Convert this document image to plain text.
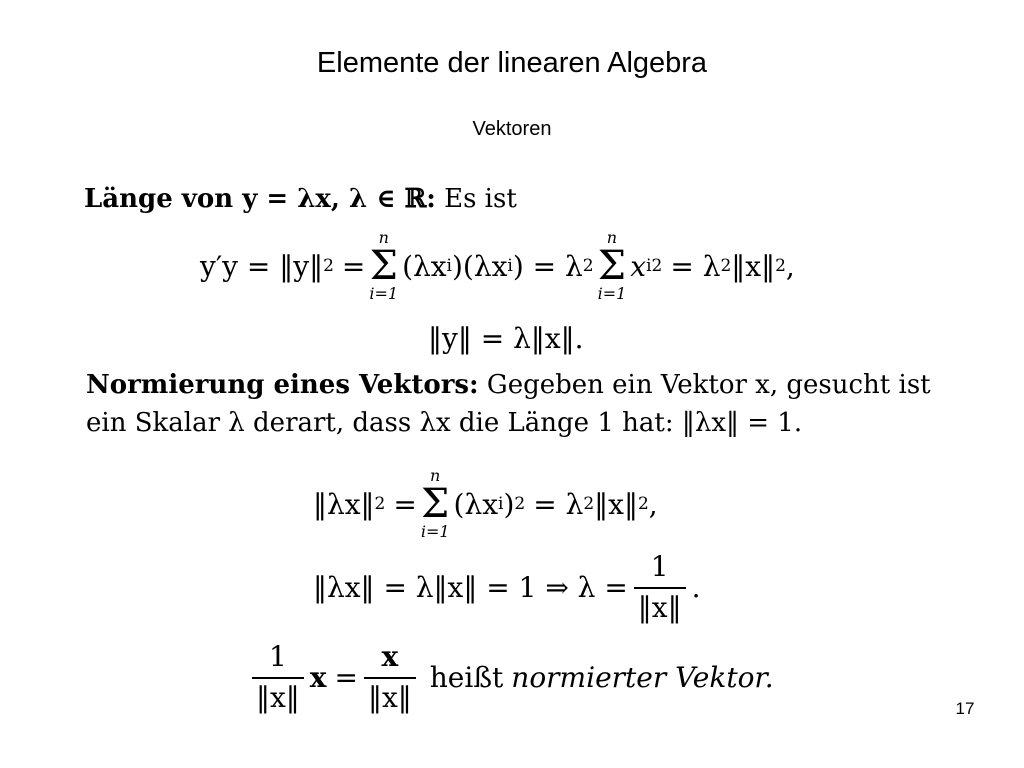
Elemente der linearen Algebra
Vektoren
Länge von y = λx, λ ∈ ℝ: Es ist
y′y = ‖y‖ 2 =
n
Σ
i=1
(λx i )(λx i ) = λ 2
n
Σ
i=1
x i 2 = λ 2 ‖x‖ 2 ,
‖y‖ = λ‖x‖.
Normierung eines Vektors: Gegeben ein Vektor x, gesucht ist
ein Skalar λ derart, dass λx die Länge 1 hat: ‖λx‖ = 1.
‖λx‖ 2 =
n
Σ
i=1
(λx i ) 2 = λ 2 ‖x‖ 2 ,
‖λx‖ = λ‖x‖ = 1 ⇒ $\lambda = \frac{1}{‖x‖}$ .
$\frac{1}{‖x‖}$ $x = \frac{x}{‖x‖}$ heißt normierter Vektor.
17
